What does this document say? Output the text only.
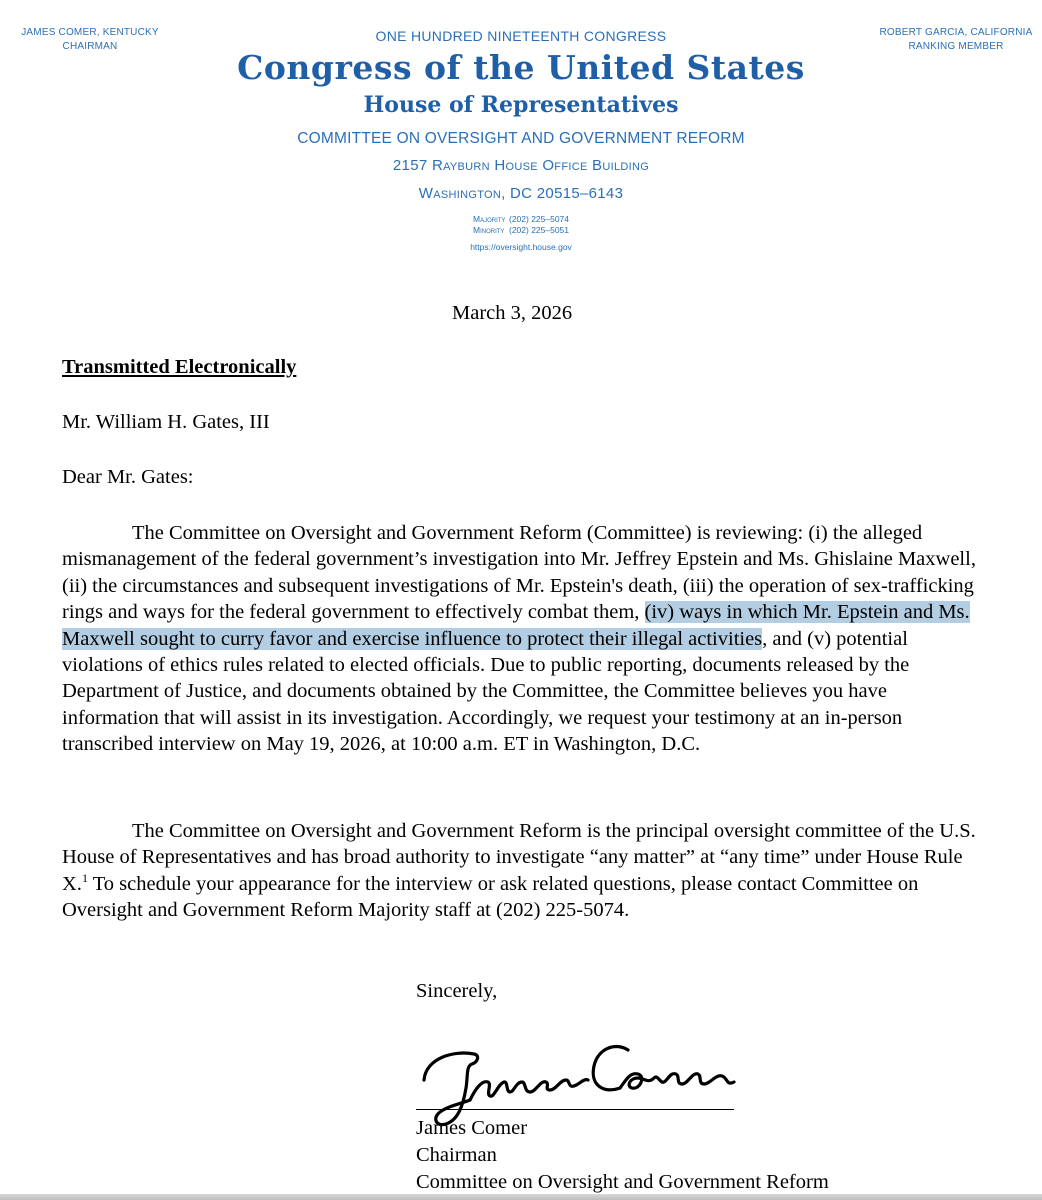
JAMES COMER, KENTUCKY
CHAIRMAN
ROBERT GARCIA, CALIFORNIA
RANKING MEMBER
ONE HUNDRED NINETEENTH CONGRESS
Congress of the United States
House of Representatives
COMMITTEE ON OVERSIGHT AND GOVERNMENT REFORM
2157 Rayburn House Office Building
Washington, DC 20515–6143
Majority (202) 225–5074
Minority (202) 225–5051
https://oversight.house.gov
March 3, 2026
Transmitted Electronically
Mr. William H. Gates, III
Dear Mr. Gates:

The Committee on Oversight and Government Reform (Committee) is reviewing: (i) the alleged mismanagement of the federal government’s investigation into Mr. Jeffrey Epstein and Ms. Ghislaine Maxwell, (ii) the circumstances and subsequent investigations of Mr. Epstein's death, (iii) the operation of sex-trafficking rings and ways for the federal government to effectively combat them, (iv) ways in which Mr. Epstein and Ms. Maxwell sought to curry favor and exercise influence to protect their illegal activities, and (v) potential violations of ethics rules related to elected officials. Due to public reporting, documents released by the Department of Justice, and documents obtained by the Committee, the Committee believes you have information that will assist in its investigation. Accordingly, we request your testimony at an in-person transcribed interview on May 19, 2026, at 10:00 a.m. ET in Washington, D.C.

The Committee on Oversight and Government Reform is the principal oversight committee of the U.S. House of Representatives and has broad authority to investigate “any matter” at “any time” under House Rule X.$^1$ To schedule your appearance for the interview or ask related questions, please contact Committee on Oversight and Government Reform Majority staff at (202) 225-5074.

Sincerely,
James Comer
Chairman
Committee on Oversight and Government Reform
